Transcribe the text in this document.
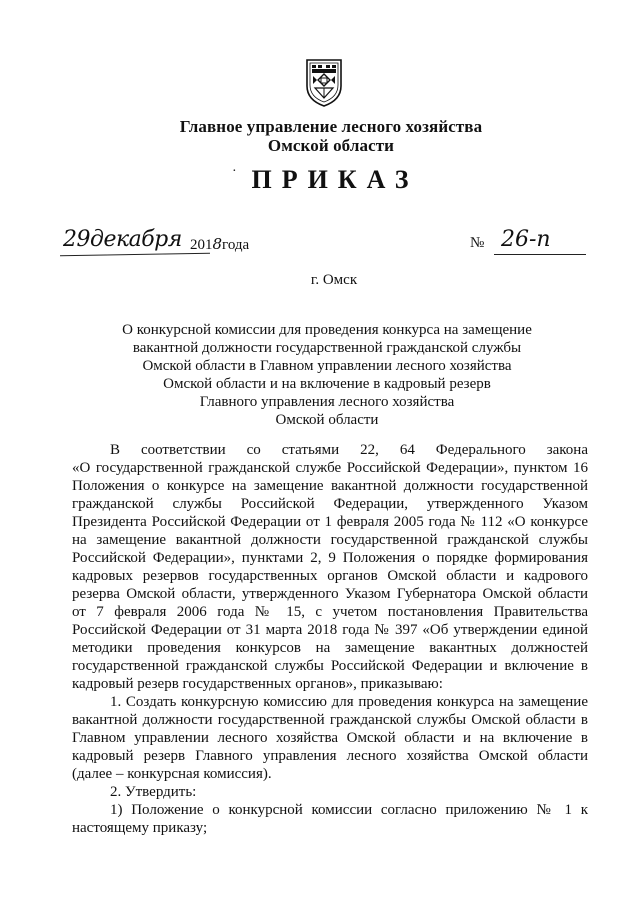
Главное управление лесного хозяйства
Омской области
· ПРИКАЗ
29декабря 2018года	№ 26-п
г. Омск
О конкурсной комиссии для проведения конкурса на замещение
вакантной должности государственной гражданской службы
Омской области в Главном управлении лесного хозяйства
Омской области и на включение в кадровый резерв
Главного управления лесного хозяйства
Омской области
В соответствии со статьями 22, 64 Федерального закона
«О государственной гражданской службе Российской Федерации», пунктом 16
Положения о конкурсе на замещение вакантной должности государственной
гражданской службы Российской Федерации, утвержденного Указом
Президента Российской Федерации от 1 февраля 2005 года № 112 «О конкурсе
на замещение вакантной должности государственной гражданской службы
Российской Федерации», пунктами 2, 9 Положения о порядке формирования
кадровых резервов государственных органов Омской области и кадрового
резерва Омской области, утвержденного Указом Губернатора Омской области
от 7 февраля 2006 года № 15, с учетом постановления Правительства
Российской Федерации от 31 марта 2018 года № 397 «Об утверждении единой
методики проведения конкурсов на замещение вакантных должностей
государственной гражданской службы Российской Федерации и включение в
кадровый резерв государственных органов», приказываю:
1. Создать конкурсную комиссию для проведения конкурса на замещение
вакантной должности государственной гражданской службы Омской области в
Главном управлении лесного хозяйства Омской области и на включение в
кадровый резерв Главного управления лесного хозяйства Омской области
(далее – конкурсная комиссия).
2. Утвердить:
1) Положение о конкурсной комиссии согласно приложению № 1 к
настоящему приказу;
